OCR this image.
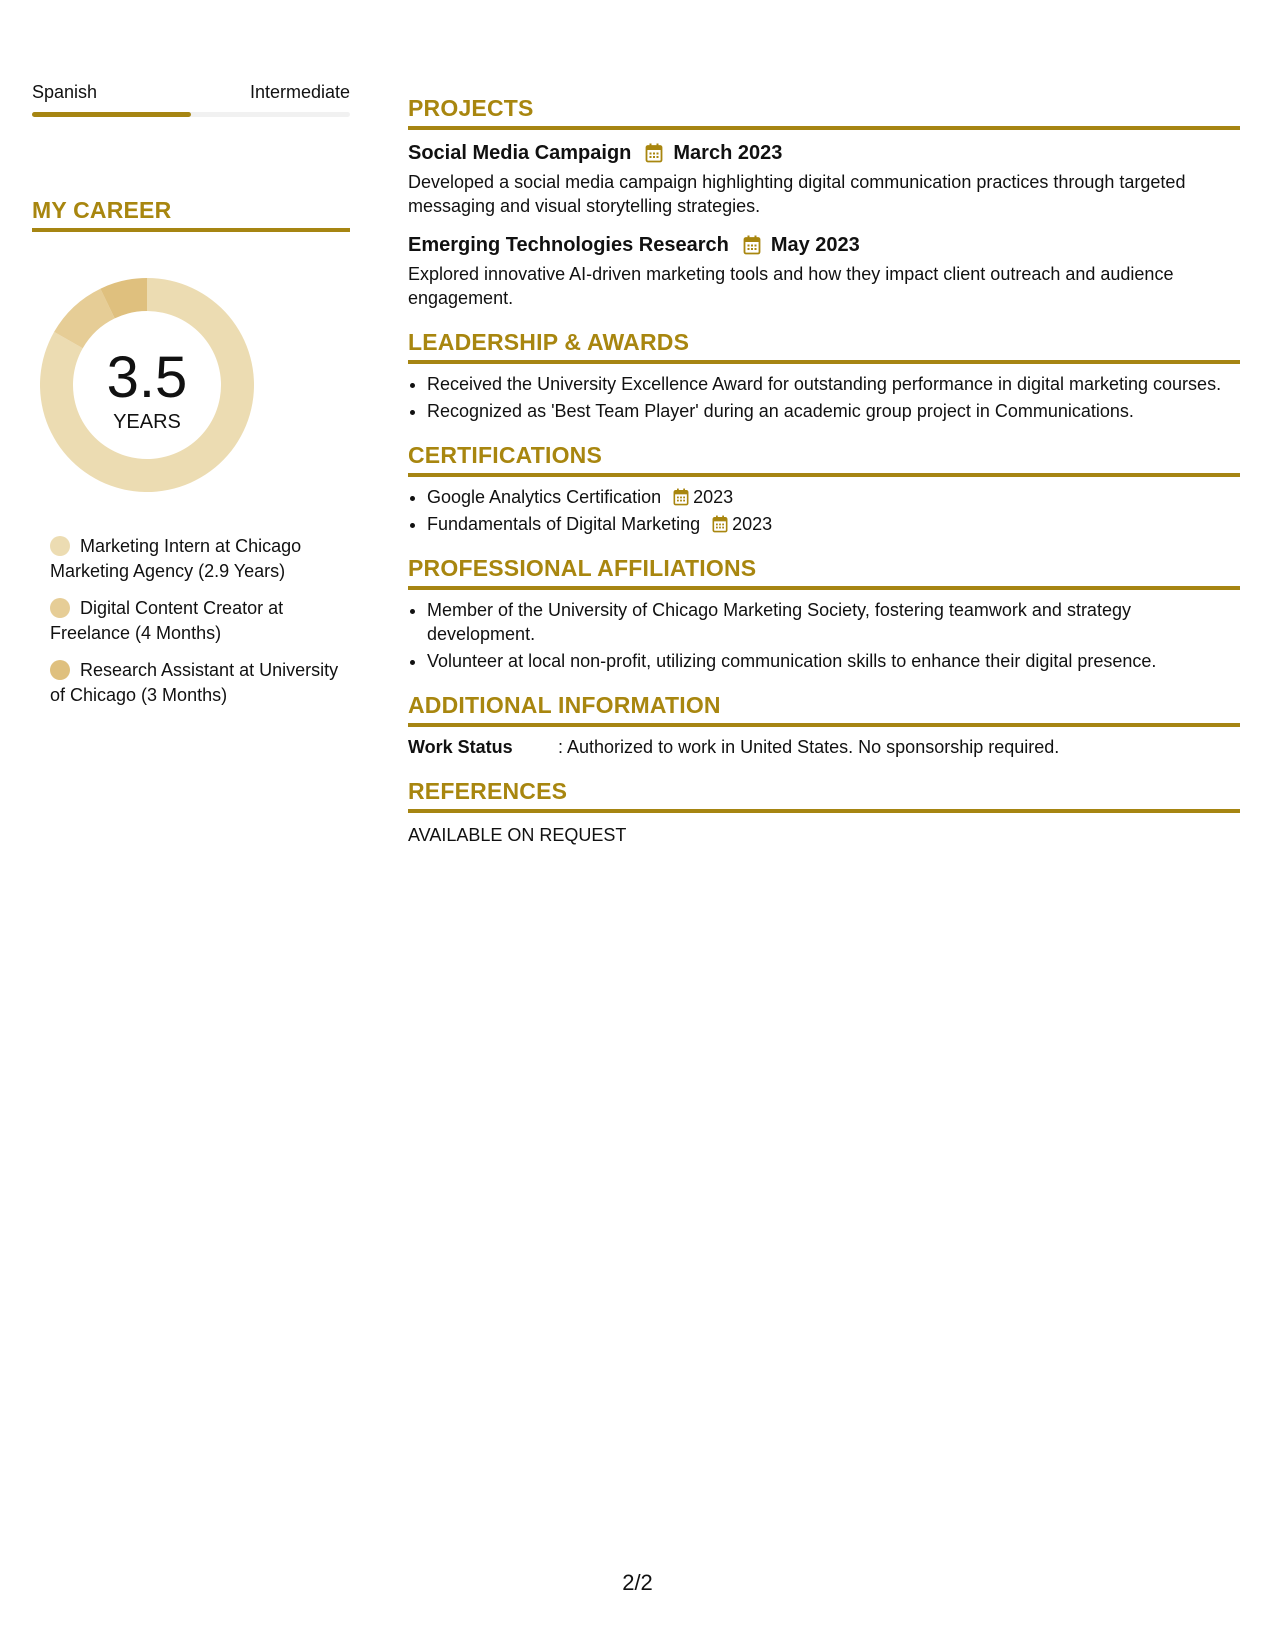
Spanish	Intermediate
MY CAREER
3.5
YEARS
Marketing Intern at Chicago Marketing Agency (2.9 Years)
Digital Content Creator at Freelance (4 Months)
Research Assistant at University of Chicago (3 Months)
PROJECTS
Social Media Campaign March 2023
Developed a social media campaign highlighting digital communication practices through targeted messaging and visual storytelling strategies.
Emerging Technologies Research May 2023
Explored innovative AI-driven marketing tools and how they impact client outreach and audience engagement.
LEADERSHIP & AWARDS
• Received the University Excellence Award for outstanding performance in digital marketing courses.
• Recognized as 'Best Team Player' during an academic group project in Communications.
CERTIFICATIONS
• Google Analytics Certification 2023
• Fundamentals of Digital Marketing 2023
PROFESSIONAL AFFILIATIONS
• Member of the University of Chicago Marketing Society, fostering teamwork and strategy development.
• Volunteer at local non-profit, utilizing communication skills to enhance their digital presence.
ADDITIONAL INFORMATION
Work Status	: Authorized to work in United States. No sponsorship required.
REFERENCES
AVAILABLE ON REQUEST
2/2
